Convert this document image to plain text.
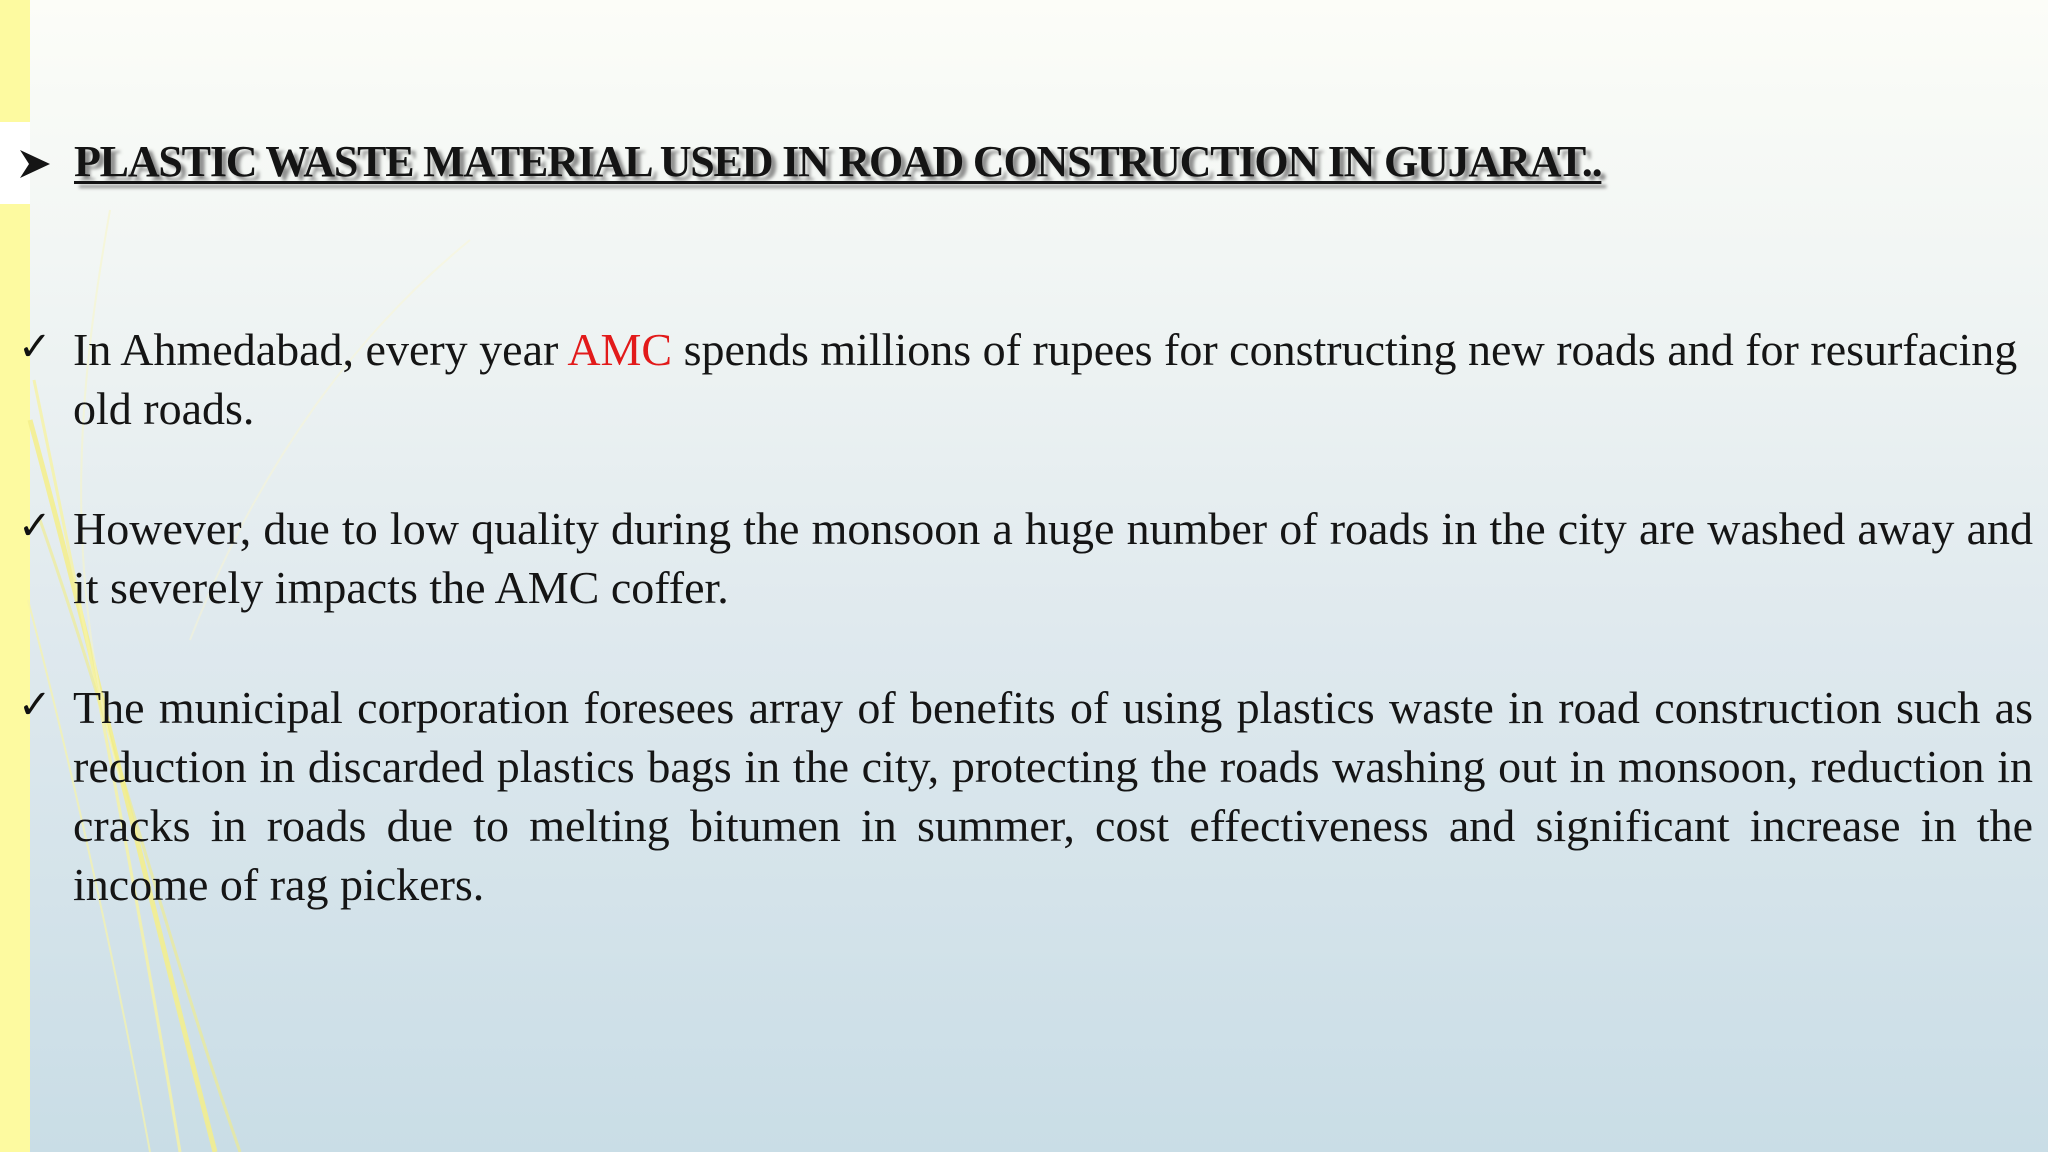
PLASTIC WASTE MATERIAL USED IN ROAD CONSTRUCTION IN GUJARAT..
✓ In Ahmedabad, every year AMC spends millions of rupees for constructing new roads and for resurfacing old roads.
✓ However, due to low quality during the monsoon a huge number of roads in the city are washed away and it severely impacts the AMC coffer.
✓ The municipal corporation foresees array of benefits of using plastics waste in road construction such as reduction in discarded plastics bags in the city, protecting the roads washing out in monsoon, reduction in cracks in roads due to melting bitumen in summer, cost effectiveness and significant increase in the income of rag pickers.
